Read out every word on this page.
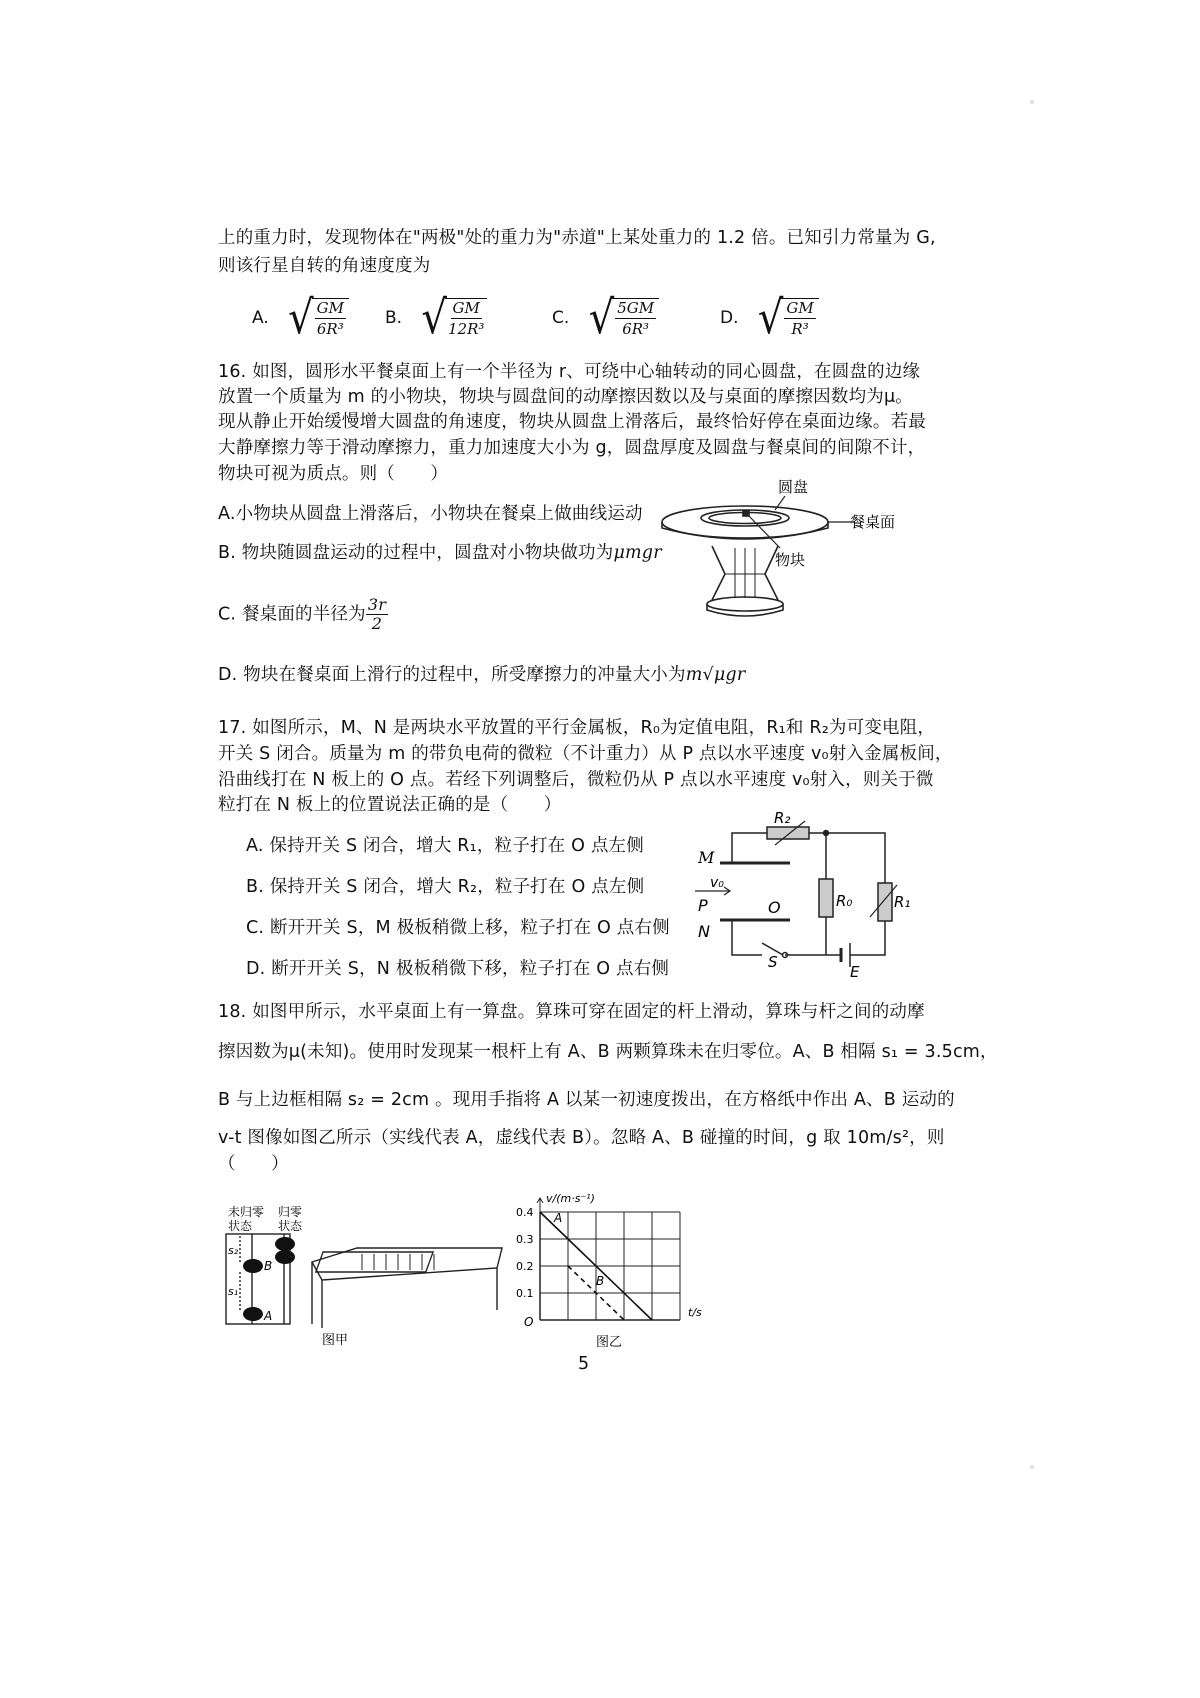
上的重力时，发现物体在"两极"处的重力为"赤道"上某处重力的 1.2 倍。已知引力常量为 G,
则该行星自转的角速度度为
A. √
$\frac{GM}{\text{6R³}} B$. √
$\frac{GM}{\text{12R³}}$	C. √
$\frac{5GM}{\text{6R³}}$	D. √
$\frac{GM}{\text{R³}}$
16. 如图，圆形水平餐桌面上有一个半径为 r、可绕中心轴转动的同心圆盘，在圆盘的边缘
放置一个质量为 m 的小物块，物块与圆盘间的动摩擦因数以及与桌面的摩擦因数均为μ。
现从静止开始缓慢增大圆盘的角速度，物块从圆盘上滑落后，最终恰好停在桌面边缘。若最
大静摩擦力等于滑动摩擦力，重力加速度大小为 g，圆盘厚度及圆盘与餐桌间的间隙不计，
物块可视为质点。则（　　）
A.小物块从圆盘上滑落后，小物块在餐桌上做曲线运动
B. 物块随圆盘运动的过程中，圆盘对小物块做功为μmgr
C. 餐桌面的半径为 $\frac{3r}{2}$
D. 物块在餐桌面上滑行的过程中，所受摩擦力的冲量大小为m√μgr
圆盘
餐桌面
物块
17. 如图所示，M、N 是两块水平放置的平行金属板，R₀为定值电阻，R₁和 R₂为可变电阻，
开关 S 闭合。质量为 m 的带负电荷的微粒（不计重力）从 P 点以水平速度 v₀射入金属板间，
沿曲线打在 N 板上的 O 点。若经下列调整后，微粒仍从 P 点以水平速度 v₀射入，则关于微
粒打在 N 板上的位置说法正确的是（　　）
A. 保持开关 S 闭合，增大 R₁，粒子打在 O 点左侧
B. 保持开关 S 闭合，增大 R₂，粒子打在 O 点左侧
C. 断开开关 S，M 极板稍微上移，粒子打在 O 点右侧
D. 断开开关 S，N 极板稍微下移，粒子打在 O 点右侧
M
N
P	O
v₀
R₂
R₀	R₁
S
E
18. 如图甲所示，水平桌面上有一算盘。算珠可穿在固定的杆上滑动，算珠与杆之间的动摩
擦因数为μ(未知)。使用时发现某一根杆上有 A、B 两颗算珠未在归零位。A、B 相隔 s₁ = 3.5cm，
B 与上边框相隔 s₂ = 2cm 。现用手指将 A 以某一初速度拨出，在方格纸中作出 A、B 运动的
v-t 图像如图乙所示（实线代表 A，虚线代表 B）。忽略 A、B 碰撞的时间，g 取 10m/s²，则
（　　）
未归零
状态
归零
状态
s₂
s₁
B
A
图甲
0.1
0.2
0.3
0.4
v/(m·s⁻¹)
t/s
O
A
B
图乙
5
